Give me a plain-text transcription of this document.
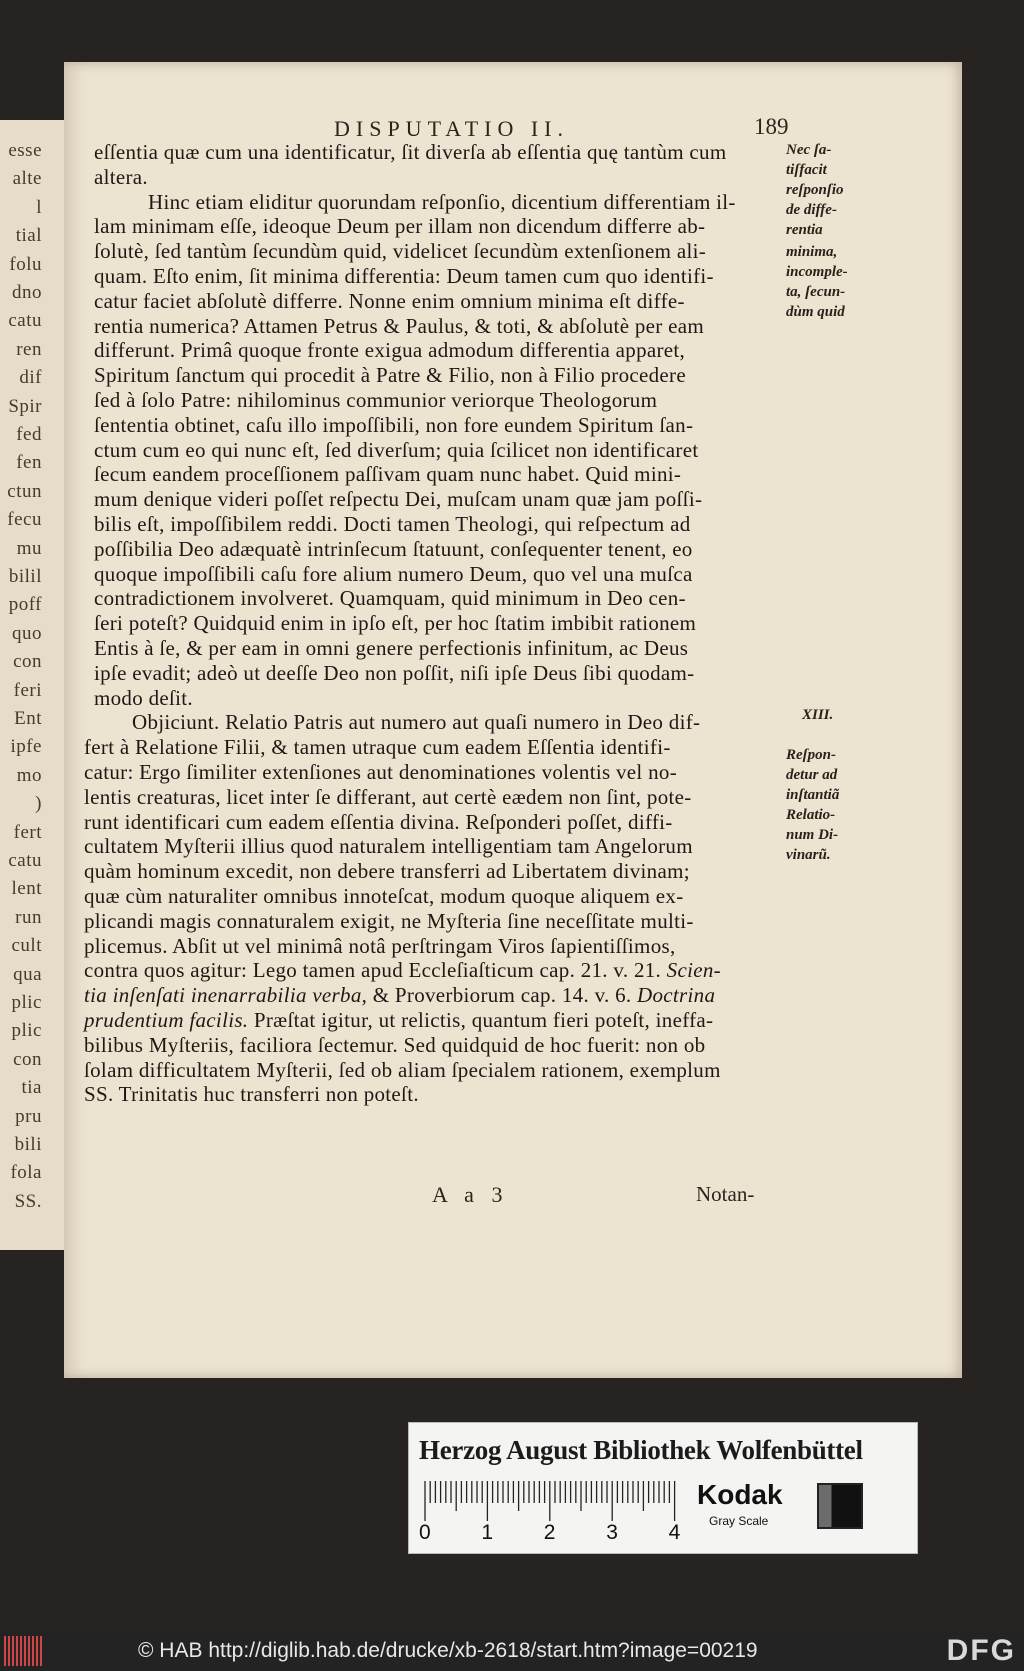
esse
alte
l
tial
folu
dno
catu
ren
dif
Spir
fed
fen
ctun
fecu
mu
bilil
poff
quo
con
feri
Ent
ipfe
mo
)
fert
catu
lent
run
cult
qua
plic
plic
con
tia
pru
bili
fola
SS.
DISPUTATIO II.	189
eſſentia quæ cum una identificatur, ſit diverſa ab eſſentia quę tantùm cum
altera.
Hinc etiam eliditur quorundam reſponſio, dicentium differentiam il-
lam minimam eſſe, ideoque Deum per illam non dicendum differre ab-
ſolutè, ſed tantùm ſecundùm quid, videlicet ſecundùm extenſionem ali-
quam. Eſto enim, ſit minima differentia: Deum tamen cum quo identifi-
catur faciet abſolutè differre. Nonne enim omnium minima eſt diffe-
rentia numerica? Attamen Petrus & Paulus, & toti, & abſolutè per eam
differunt. Primâ quoque fronte exigua admodum differentia apparet,
Spiritum ſanctum qui procedit à Patre & Filio, non à Filio procedere
ſed à ſolo Patre: nihilominus communior veriorque Theologorum
ſententia obtinet, caſu illo impoſſibili, non fore eundem Spiritum ſan-
ctum cum eo qui nunc eſt, ſed diverſum; quia ſcilicet non identificaret
ſecum eandem proceſſionem paſſivam quam nunc habet. Quid mini-
mum denique videri poſſet reſpectu Dei, muſcam unam quæ jam poſſi-
bilis eſt, impoſſibilem reddi. Docti tamen Theologi, qui reſpectum ad
poſſibilia Deo adæquatè intrinſecum ſtatuunt, conſequenter tenent, eo
quoque impoſſibili caſu fore alium numero Deum, quo vel una muſca
contradictionem involveret. Quamquam, quid minimum in Deo cen-
ſeri poteſt? Quidquid enim in ipſo eſt, per hoc ſtatim imbibit rationem
Entis à ſe, & per eam in omni genere perfectionis infinitum, ac Deus
ipſe evadit; adeò ut deeſſe Deo non poſſit, niſi ipſe Deus ſibi quodam-
modo deſit.
Objiciunt. Relatio Patris aut numero aut quaſi numero in Deo dif-
fert à Relatione Filii, & tamen utraque cum eadem Eſſentia identifi-
catur: Ergo ſimiliter extenſiones aut denominationes volentis vel no-
lentis creaturas, licet inter ſe differant, aut certè eædem non ſint, pote-
runt identificari cum eadem eſſentia divina. Reſponderi poſſet, diffi-
cultatem Myſterii illius quod naturalem intelligentiam tam Angelorum
quàm hominum excedit, non debere transferri ad Libertatem divinam;
quæ cùm naturaliter omnibus innoteſcat, modum quoque aliquem ex-
plicandi magis connaturalem exigit, ne Myſteria ſine neceſſitate multi-
plicemus. Abſit ut vel minimâ notâ perſtringam Viros ſapientiſſimos,
contra quos agitur: Lego tamen apud Eccleſiaſticum cap. 21. v. 21. Scien-
tia inſenſati inenarrabilia verba, & Proverbiorum cap. 14. v. 6. Doctrina
prudentium facilis. Præſtat igitur, ut relictis, quantum fieri poteſt, ineffa-
bilibus Myſteriis, faciliora ſectemur. Sed quidquid de hoc fuerit: non ob
ſolam difficultatem Myſterii, ſed ob aliam ſpecialem rationem, exemplum
SS. Trinitatis huc transferri non poteſt.
Nec ſa-
tiſfacit
reſponſio
de diffe-
rentia
minima,
incomple-
ta, ſecun-
dùm quid
XIII.
Reſpon-
detur ad
inſtantiã
Relatio-
num Di-
vinarũ.
A a 3	Notan-
Herzog August Bibliothek Wolfenbüttel
0 1 2 3 4
Kodak
Gray Scale
© HAB http://diglib.hab.de/drucke/xb-2618/start.htm?image=00219	DFG
